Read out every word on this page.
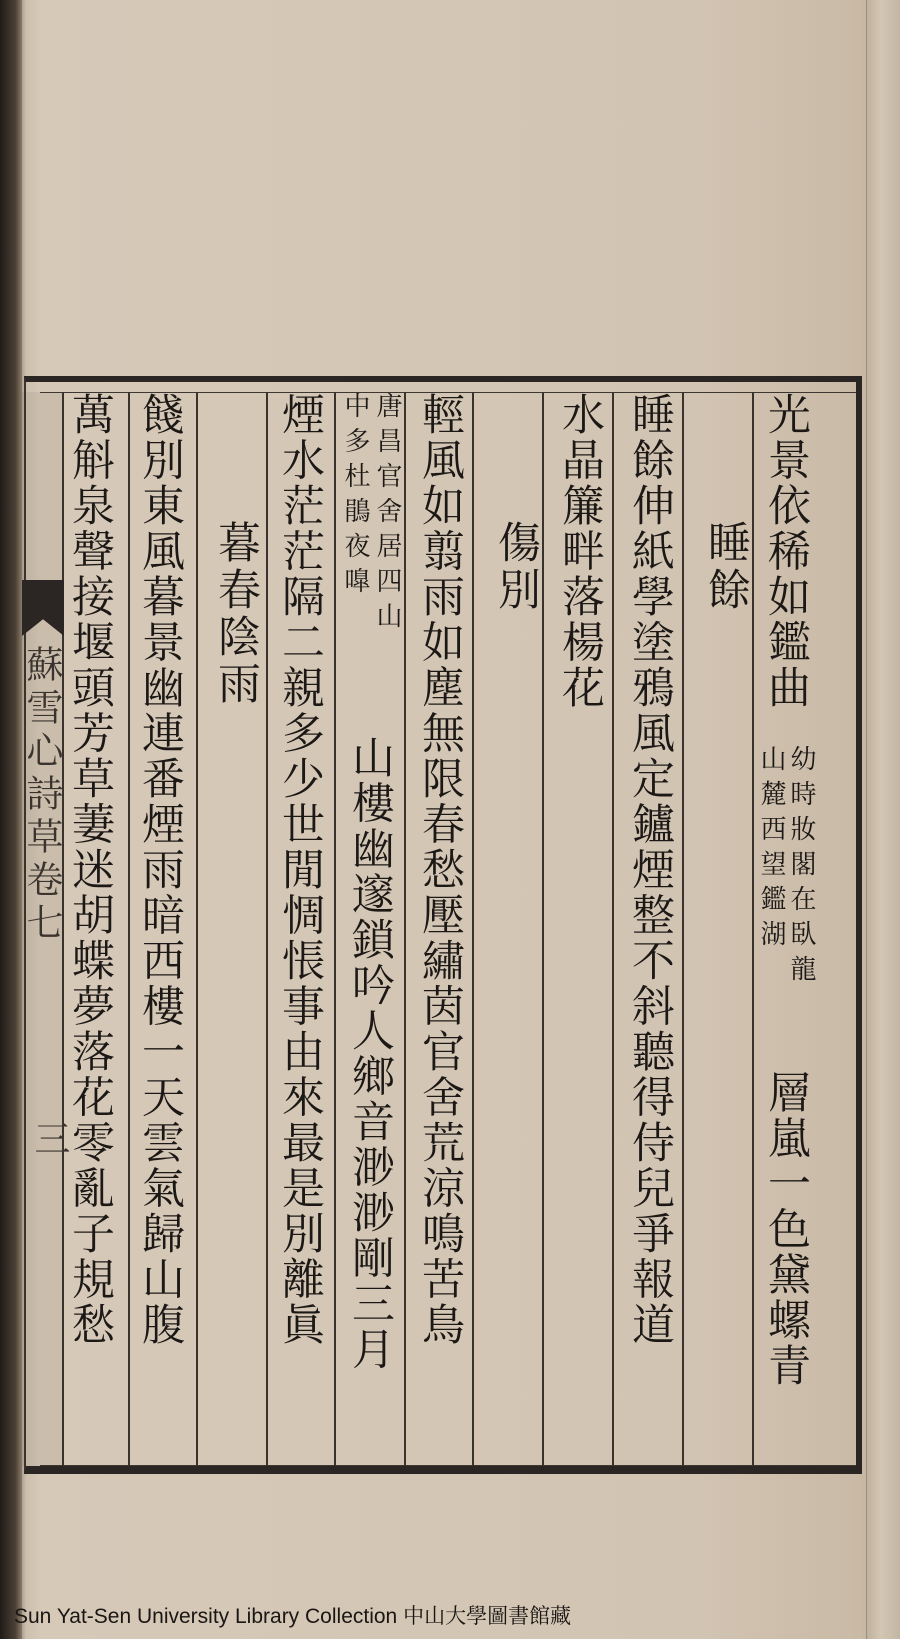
蘇雪心詩草卷七
三
光景依稀如鑑曲
幼時妝閣在臥龍
山麓西望鑑湖
層嵐一色黛螺青
睡餘
睡餘伸紙學塗鴉風定鑪煙整不斜聽得侍兒爭報道
水晶簾畔落楊花
傷別
輕風如翦雨如塵無限春愁壓繡茵官舍荒涼鳴苦鳥
唐昌官舍居四山
中多杜鵑夜嘷
山樓幽邃鎖吟人鄉音渺渺剛三月
煙水茫茫隔二親多少世閒惆悵事由來最是別離眞
暮春陰雨
餞別東風暮景幽連番煙雨暗西樓一天雲氣歸山腹
萬斛泉聲接堰頭芳草萋迷胡蝶夢落花零亂子規愁
Sun Yat-Sen University Library Collection 中山大學圖書館藏
